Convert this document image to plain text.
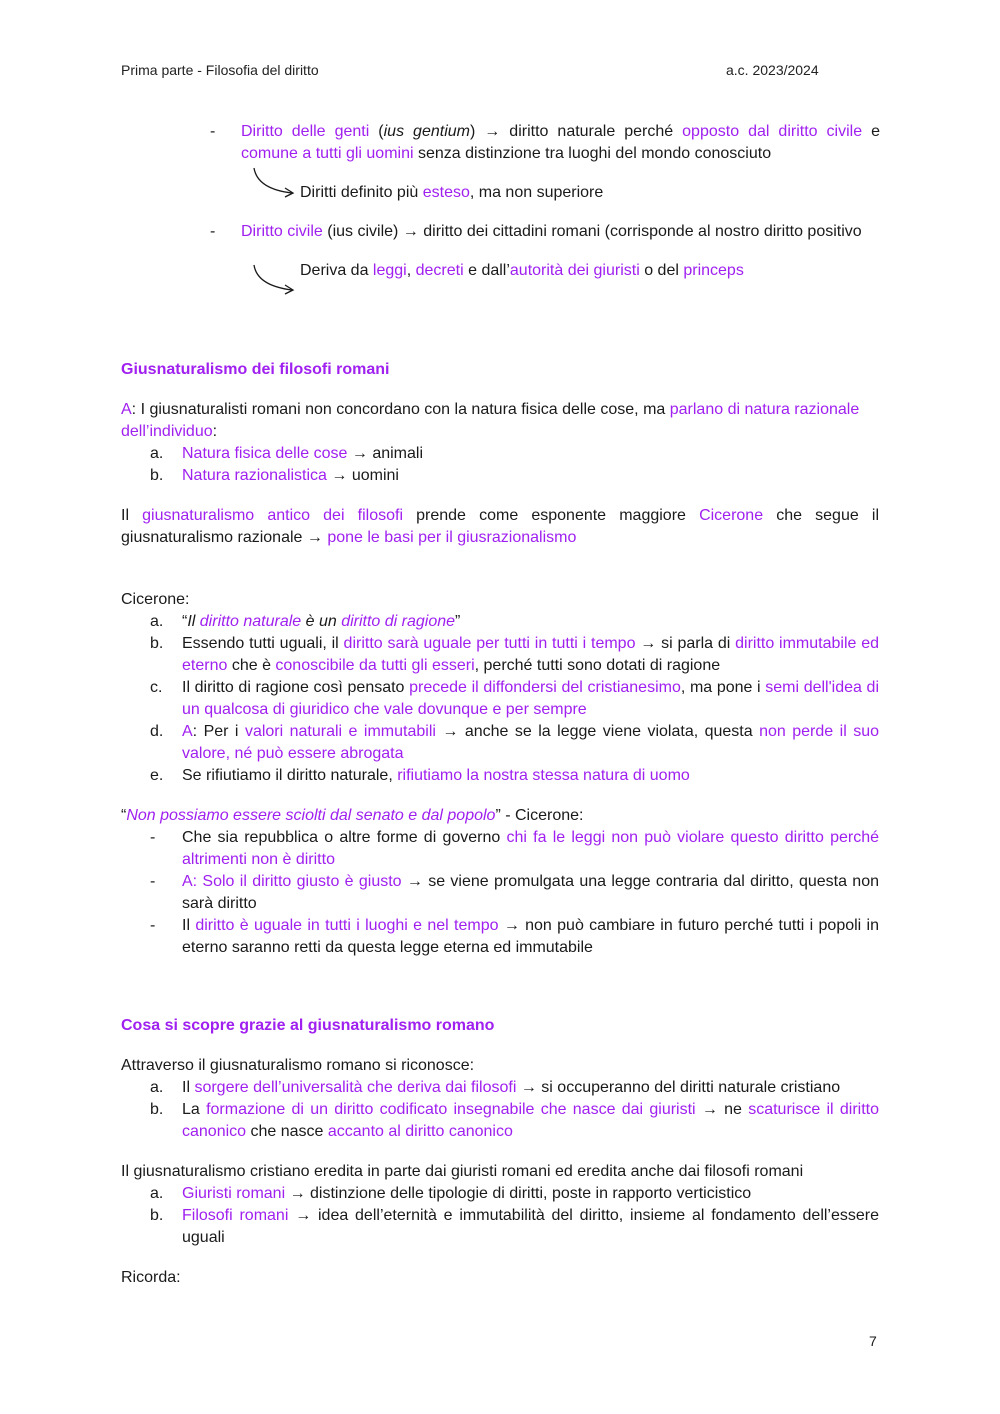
Prima parte - Filosofia del diritto	a.c. 2023/2024
-	Diritto delle genti (ius gentium) → diritto naturale perché opposto dal diritto civile e comune a tutti gli uomini senza distinzione tra luoghi del mondo conosciuto
Diritti definito più esteso, ma non superiore
-	Diritto civile (ius civile) → diritto dei cittadini romani (corrisponde al nostro diritto positivo
Deriva da leggi, decreti e dall’autorità dei giuristi o del princeps
Giusnaturalismo dei filosofi romani
A: I giusnaturalisti romani non concordano con la natura fisica delle cose, ma parlano di natura razionale dell’individuo:
a.	Natura fisica delle cose → animali
b.	Natura razionalistica → uomini
Il giusnaturalismo antico dei filosofi prende come esponente maggiore Cicerone che segue il giusnaturalismo razionale → pone le basi per il giusrazionalismo
Cicerone:
a.	“Il diritto naturale è un diritto di ragione”
b.	Essendo tutti uguali, il diritto sarà uguale per tutti in tutti i tempo → si parla di diritto immutabile ed eterno che è conoscibile da tutti gli esseri, perché tutti sono dotati di ragione
c.	Il diritto di ragione così pensato precede il diffondersi del cristianesimo, ma pone i semi dell'idea di un qualcosa di giuridico che vale dovunque e per sempre
d.	A: Per i valori naturali e immutabili → anche se la legge viene violata, questa non perde il suo valore, né può essere abrogata
e.	Se rifiutiamo il diritto naturale, rifiutiamo la nostra stessa natura di uomo
“Non possiamo essere sciolti dal senato e dal popolo” - Cicerone:
-	Che sia repubblica o altre forme di governo chi fa le leggi non può violare questo diritto perché altrimenti non è diritto
-	A: Solo il diritto giusto è giusto → se viene promulgata una legge contraria dal diritto, questa non sarà diritto
-	Il diritto è uguale in tutti i luoghi e nel tempo → non può cambiare in futuro perché tutti i popoli in eterno saranno retti da questa legge eterna ed immutabile
Cosa si scopre grazie al giusnaturalismo romano
Attraverso il giusnaturalismo romano si riconosce:
a.	Il sorgere dell’universalità che deriva dai filosofi → si occuperanno del diritti naturale cristiano
b.	La formazione di un diritto codificato insegnabile che nasce dai giuristi → ne scaturisce il diritto canonico che nasce accanto al diritto canonico
Il giusnaturalismo cristiano eredita in parte dai giuristi romani ed eredita anche dai filosofi romani
a.	Giuristi romani → distinzione delle tipologie di diritti, poste in rapporto verticistico
b.	Filosofi romani → idea dell’eternità e immutabilità del diritto, insieme al fondamento dell’essere uguali
Ricorda:
7
